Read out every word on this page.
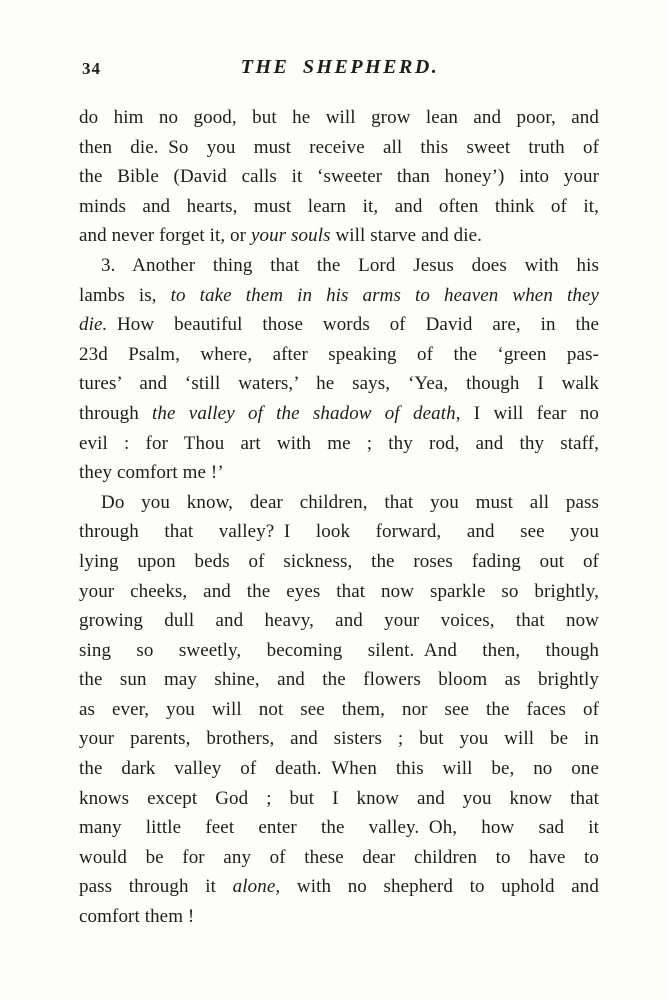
34	THE SHEPHERD.
do him no good, but he will grow lean and poor, and
then die. So you must receive all this sweet truth of
the Bible (David calls it ‘sweeter than honey’) into your
minds and hearts, must learn it, and often think of it,
and never forget it, or your souls will starve and die.
3. Another thing that the Lord Jesus does with his
lambs is, to take them in his arms to heaven when they
die. How beautiful those words of David are, in the
23d Psalm, where, after speaking of the ‘green pas-
tures’ and ‘still waters,’ he says, ‘Yea, though I walk
through the valley of the shadow of death, I will fear no
evil : for Thou art with me ; thy rod, and thy staff,
they comfort me !’
Do you know, dear children, that you must all pass
through that valley? I look forward, and see you
lying upon beds of sickness, the roses fading out of
your cheeks, and the eyes that now sparkle so brightly,
growing dull and heavy, and your voices, that now
sing so sweetly, becoming silent. And then, though
the sun may shine, and the flowers bloom as brightly
as ever, you will not see them, nor see the faces of
your parents, brothers, and sisters ; but you will be in
the dark valley of death. When this will be, no one
knows except God ; but I know and you know that
many little feet enter the valley. Oh, how sad it
would be for any of these dear children to have to
pass through it alone, with no shepherd to uphold and
comfort them !
